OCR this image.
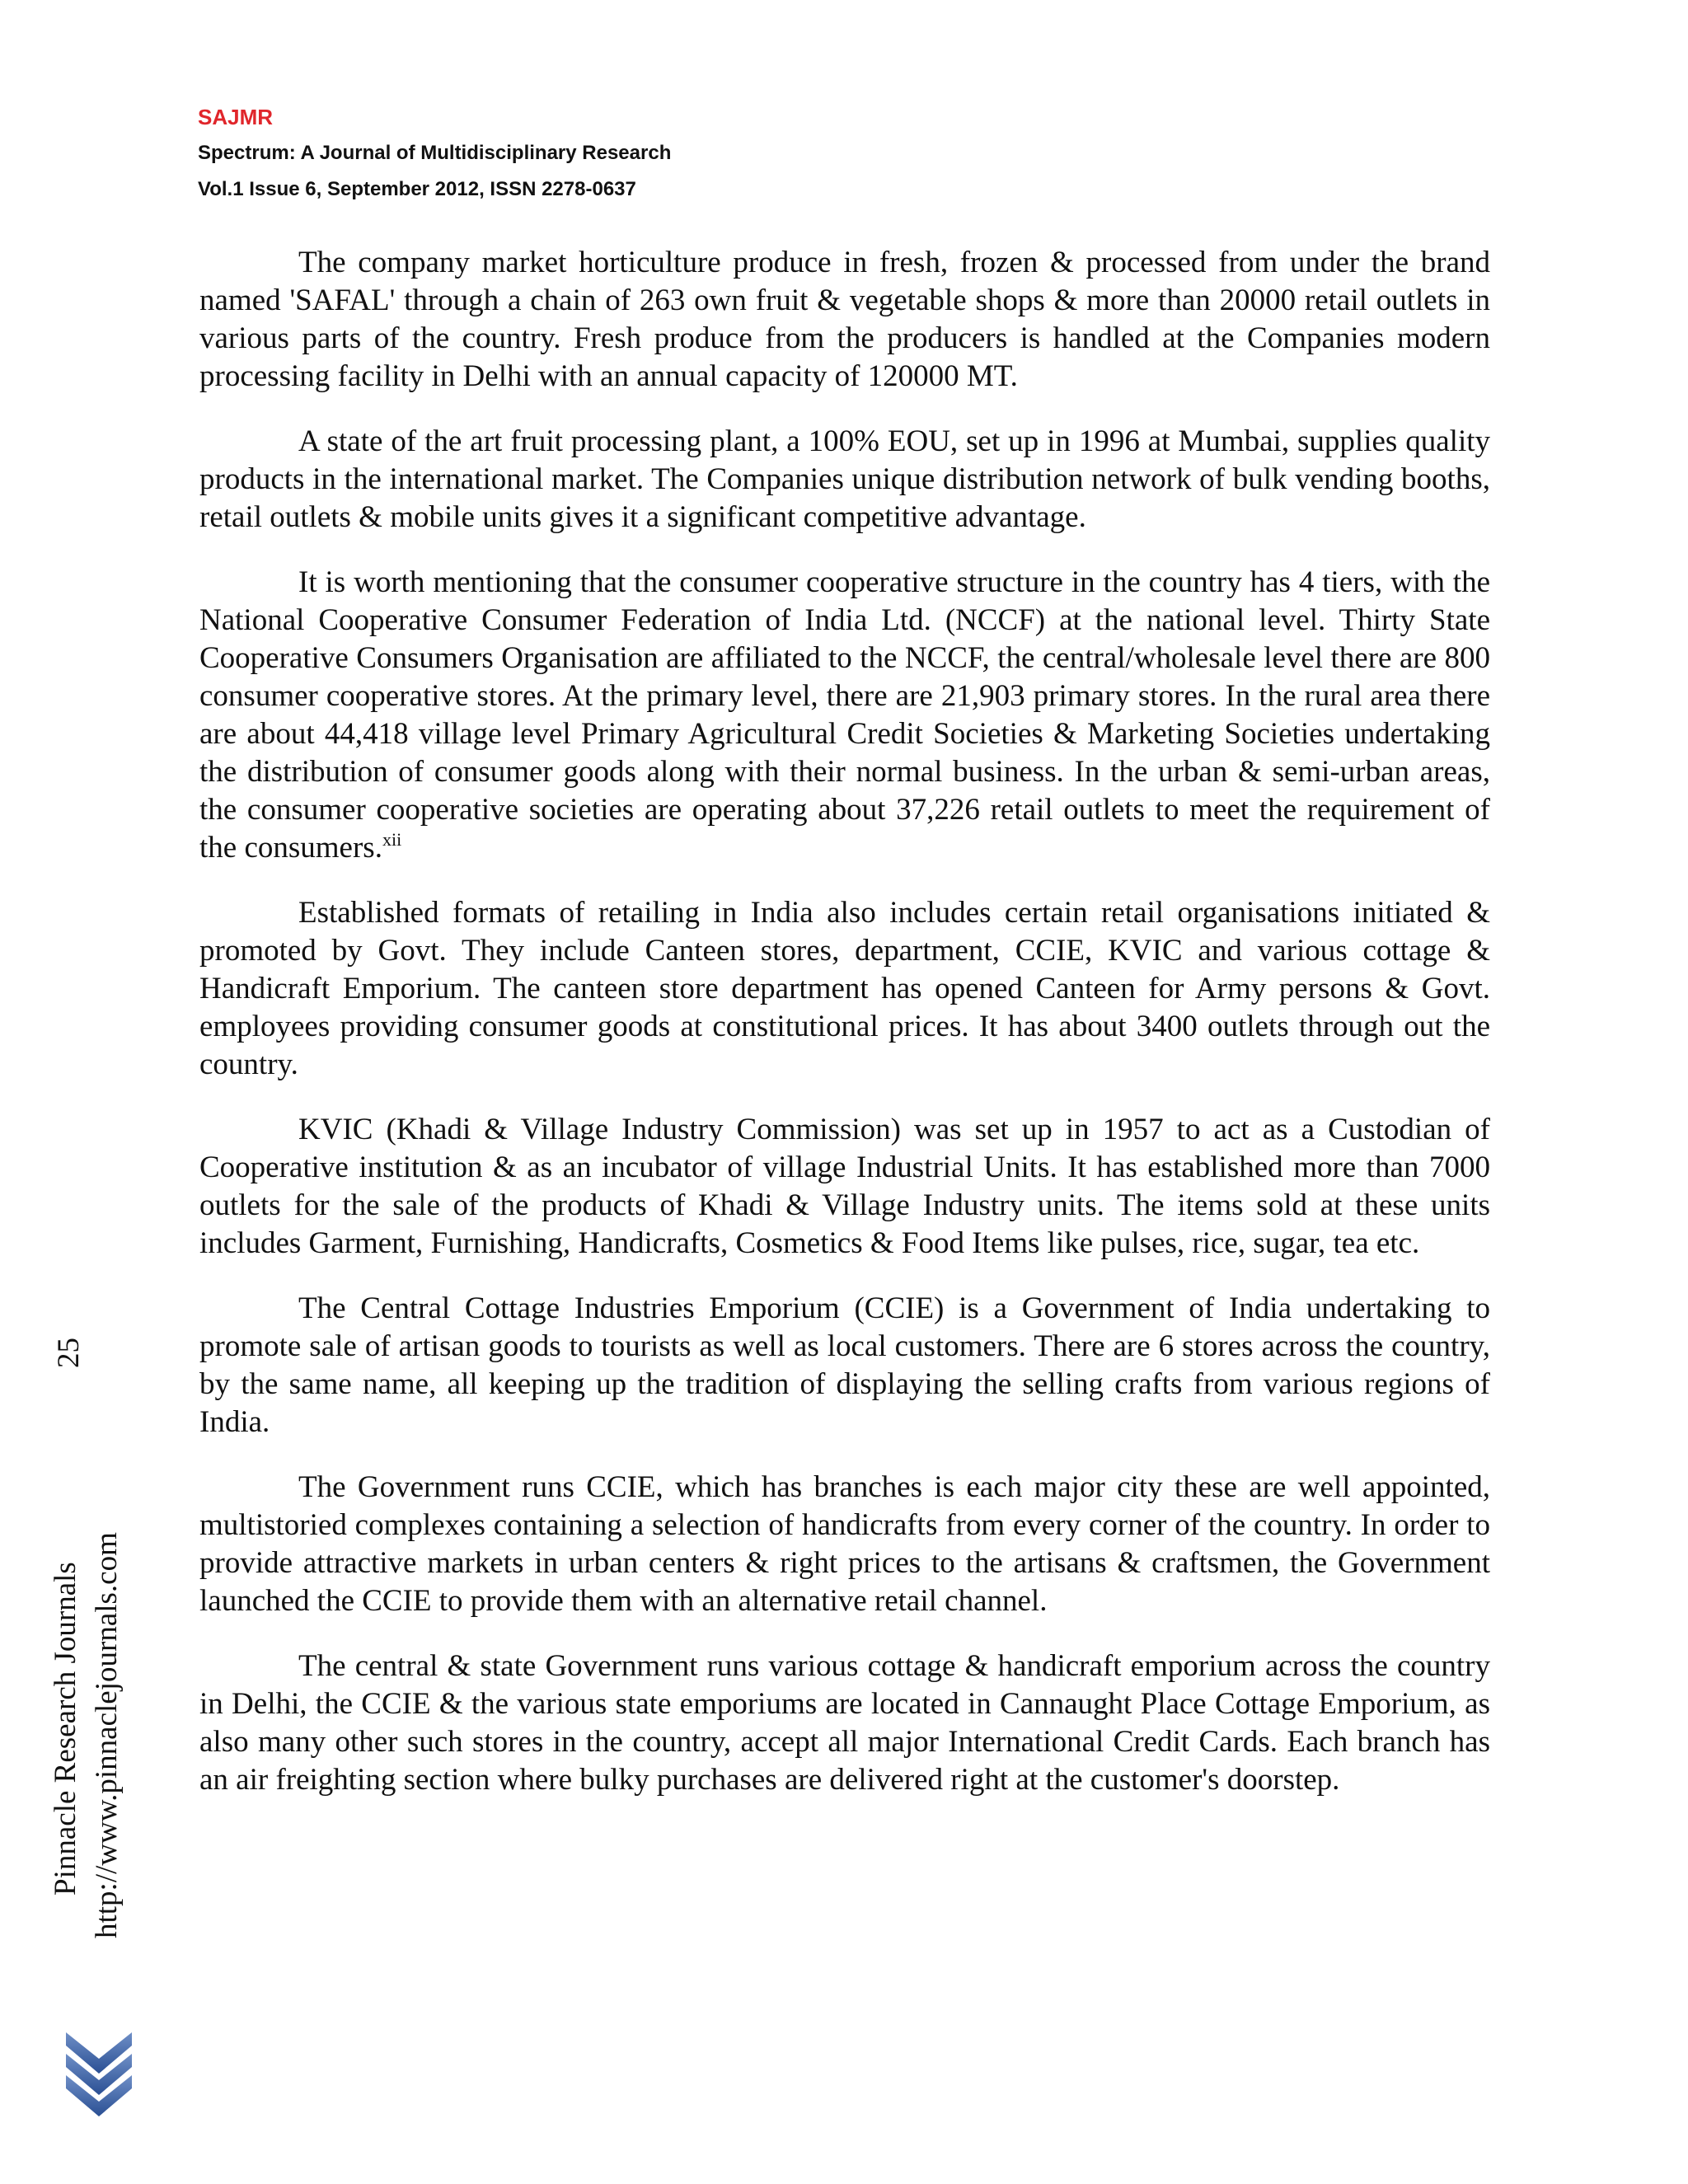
SAJMR
Spectrum: A Journal of Multidisciplinary Research
Vol.1 Issue 6, September 2012, ISSN 2278-0637

The company market horticulture produce in fresh, frozen & processed from under the brand named 'SAFAL' through a chain of 263 own fruit & vegetable shops & more than 20000 retail outlets in various parts of the country. Fresh produce from the producers is handled at the Companies modern processing facility in Delhi with an annual capacity of 120000 MT.

A state of the art fruit processing plant, a 100% EOU, set up in 1996 at Mumbai, supplies quality products in the international market. The Companies unique distribution network of bulk vending booths, retail outlets & mobile units gives it a significant competitive advantage.

It is worth mentioning that the consumer cooperative structure in the country has 4 tiers, with the National Cooperative Consumer Federation of India Ltd. (NCCF) at the national level. Thirty State Cooperative Consumers Organisation are affiliated to the NCCF, the central/wholesale level there are 800 consumer cooperative stores. At the primary level, there are 21,903 primary stores. In the rural area there are about 44,418 village level Primary Agricultural Credit Societies & Marketing Societies undertaking the distribution of consumer goods along with their normal business. In the urban & semi-urban areas, the consumer cooperative societies are operating about 37,226 retail outlets to meet the requirement of the consumers.$^{xii}$

Established formats of retailing in India also includes certain retail organisations initiated & promoted by Govt. They include Canteen stores, department, CCIE, KVIC and various cottage & Handicraft Emporium. The canteen store department has opened Canteen for Army persons & Govt. employees providing consumer goods at constitutional prices. It has about 3400 outlets through out the country.

KVIC (Khadi & Village Industry Commission) was set up in 1957 to act as a Custodian of Cooperative institution & as an incubator of village Industrial Units. It has established more than 7000 outlets for the sale of the products of Khadi & Village Industry units. The items sold at these units includes Garment, Furnishing, Handicrafts, Cosmetics & Food Items like pulses, rice, sugar, tea etc.

The Central Cottage Industries Emporium (CCIE) is a Government of India undertaking to promote sale of artisan goods to tourists as well as local customers. There are 6 stores across the country, by the same name, all keeping up the tradition of displaying the selling crafts from various regions of India.

The Government runs CCIE, which has branches is each major city these are well appointed, multistoried complexes containing a selection of handicrafts from every corner of the country. In order to provide attractive markets in urban centers & right prices to the artisans & craftsmen, the Government launched the CCIE to provide them with an alternative retail channel.

The central & state Government runs various cottage & handicraft emporium across the country in Delhi, the CCIE & the various state emporiums are located in Cannaught Place Cottage Emporium, as also many other such stores in the country, accept all major International Credit Cards. Each branch has an air freighting section where bulky purchases are delivered right at the customer's doorstep.

25
Pinnacle Research Journals http://www.pinnaclejournals.com
